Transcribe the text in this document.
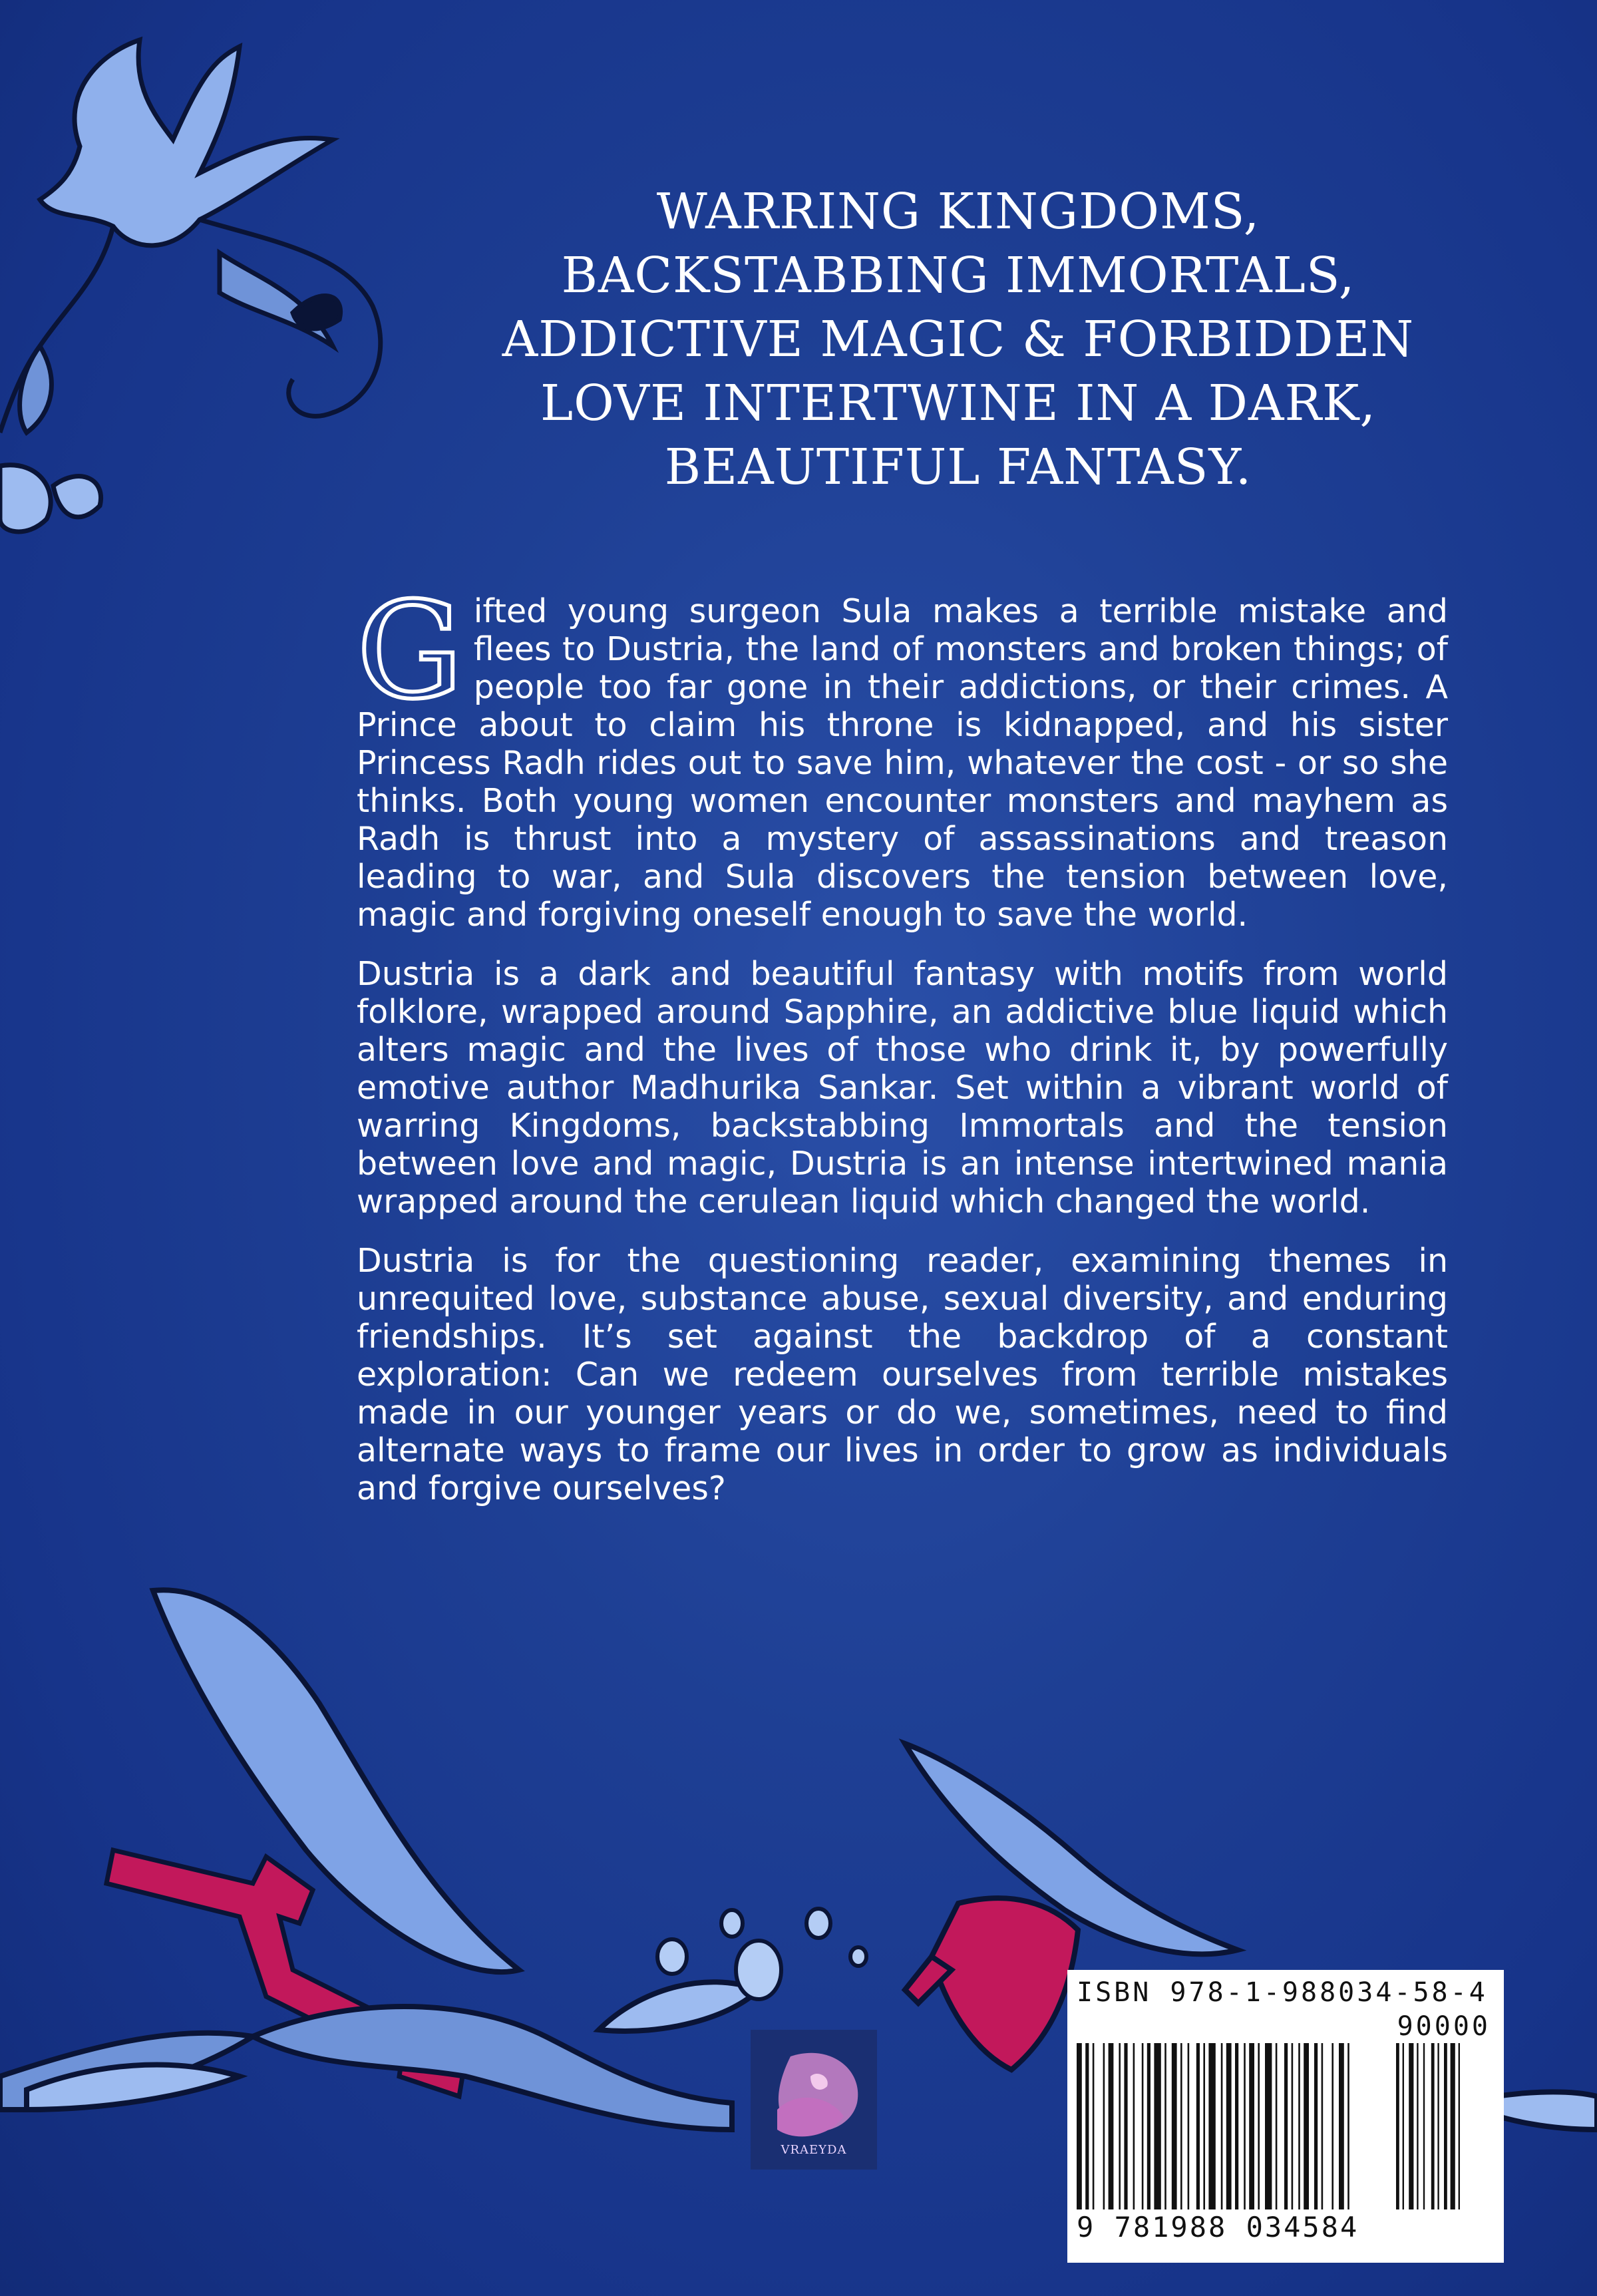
WARRING KINGDOMS, BACKSTABBING IMMORTALS, ADDICTIVE MAGIC & FORBIDDEN LOVE INTERTWINE IN A DARK, BEAUTIFUL FANTASY.

Gifted young surgeon Sula makes a terrible mistake and flees to Dustria, the land of monsters and broken things; of people too far gone in their addictions, or their crimes. A Prince about to claim his throne is kidnapped, and his sister Princess Radh rides out to save him, whatever the cost - or so she thinks. Both young women encounter monsters and mayhem as Radh is thrust into a mystery of assassinations and treason leading to war, and Sula discovers the tension between love, magic and forgiving oneself enough to save the world.

Dustria is a dark and beautiful fantasy with motifs from world folklore, wrapped around Sapphire, an addictive blue liquid which alters magic and the lives of those who drink it, by powerfully emotive author Madhurika Sankar. Set within a vibrant world of warring Kingdoms, backstabbing Immortals and the tension between love and magic, Dustria is an intense intertwined mania wrapped around the cerulean liquid which changed the world.

Dustria is for the questioning reader, examining themes in unrequited love, substance abuse, sexual diversity, and enduring friendships. It’s set against the backdrop of a constant exploration: Can we redeem ourselves from terrible mistakes made in our younger years or do we, sometimes, need to find alternate ways to frame our lives in order to grow as individuals and forgive ourselves?

VRAEYDA
ISBN 978-1-988034-58-4
90000
9 781988 034584
